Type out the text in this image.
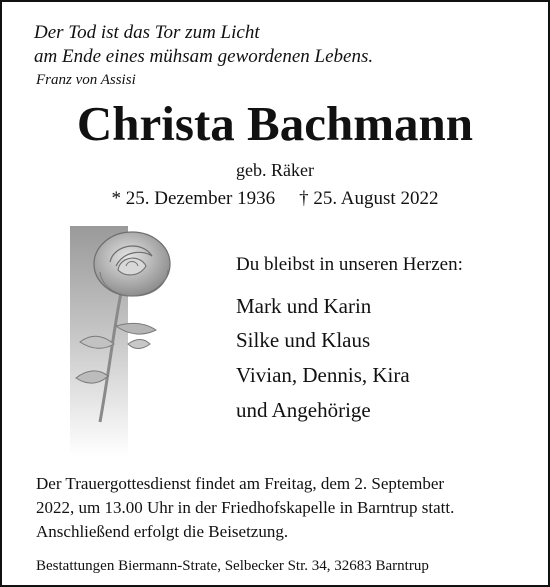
Der Tod ist das Tor zum Licht
am Ende eines mühsam gewordenen Lebens.
Franz von Assisi
Christa Bachmann
geb. Räker
* 25. Dezember 1936 † 25. August 2022
Du bleibst in unseren Herzen:
Mark und Karin
Silke und Klaus
Vivian, Dennis, Kira
und Angehörige
Der Trauergottesdienst findet am Freitag, dem 2. September
2022, um 13.00 Uhr in der Friedhofskapelle in Barntrup statt.
Anschließend erfolgt die Beisetzung.
Bestattungen Biermann-Strate, Selbecker Str. 34, 32683 Barntrup
